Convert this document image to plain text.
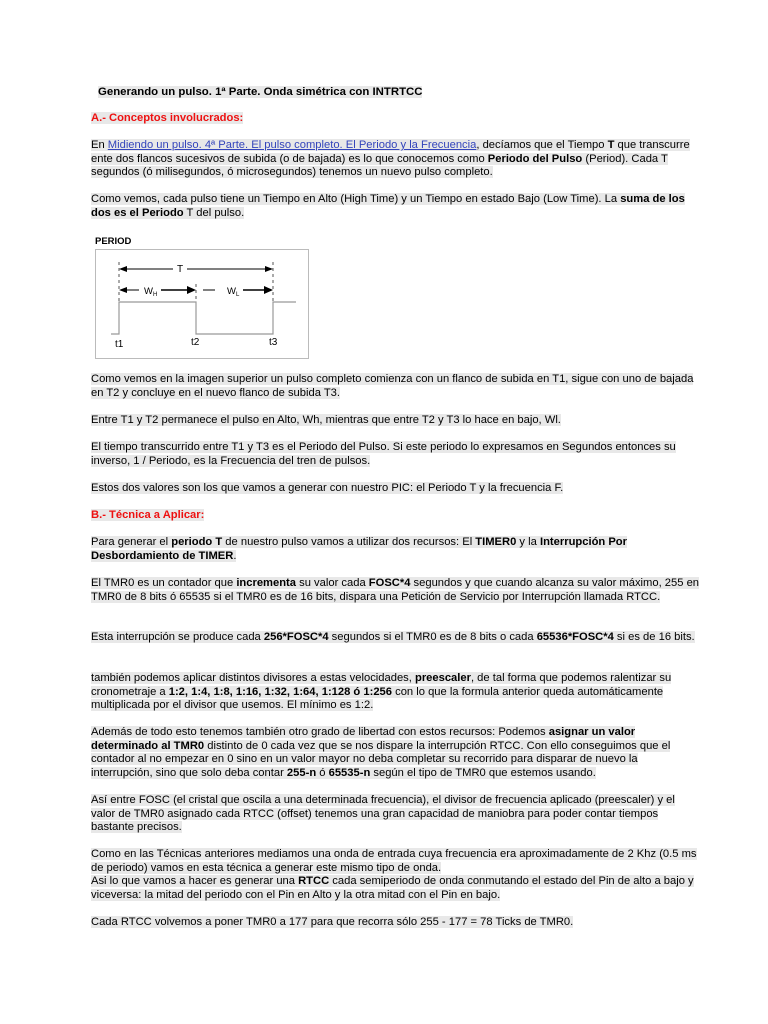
Generando un pulso. 1ª Parte. Onda simétrica con INTRTCC
A.- Conceptos involucrados:

En Midiendo un pulso. 4ª Parte. El pulso completo. El Periodo y la Frecuencia, decíamos que el Tiempo T que transcurre ente dos flancos sucesivos de subida (o de bajada) es lo que conocemos como Periodo del Pulso (Period). Cada T segundos (ó milisegundos, ó microsegundos) tenemos un nuevo pulso completo.

Como vemos, cada pulso tiene un Tiempo en Alto (High Time) y un Tiempo en estado Bajo (Low Time). La suma de los dos es el Periodo T del pulso.

PERIOD
T
$W_H$	$W_L$
t1	t2	t3

Como vemos en la imagen superior un pulso completo comienza con un flanco de subida en T1, sigue con uno de bajada en T2 y concluye en el nuevo flanco de subida T3.

Entre T1 y T2 permanece el pulso en Alto, Wh, mientras que entre T2 y T3 lo hace en bajo, Wl.

El tiempo transcurrido entre T1 y T3 es el Periodo del Pulso. Si este periodo lo expresamos en Segundos entonces su inverso, 1 / Periodo, es la Frecuencia del tren de pulsos.

Estos dos valores son los que vamos a generar con nuestro PIC: el Periodo T y la frecuencia F.

B.- Técnica a Aplicar:

Para generar el periodo T de nuestro pulso vamos a utilizar dos recursos: El TIMER0 y la Interrupción Por Desbordamiento de TIMER.

El TMR0 es un contador que incrementa su valor cada FOSC*4 segundos y que cuando alcanza su valor máximo, 255 en TMR0 de 8 bits ó 65535 si el TMR0 es de 16 bits, dispara una Petición de Servicio por Interrupción llamada RTCC.

Esta interrupción se produce cada 256*FOSC*4 segundos si el TMR0 es de 8 bits o cada 65536*FOSC*4 si es de 16 bits.

también podemos aplicar distintos divisores a estas velocidades, preescaler, de tal forma que podemos ralentizar su cronometraje a 1:2, 1:4, 1:8, 1:16, 1:32, 1:64, 1:128 ó 1:256 con lo que la formula anterior queda automáticamente multiplicada por el divisor que usemos. El mínimo es 1:2.

Además de todo esto tenemos también otro grado de libertad con estos recursos: Podemos asignar un valor determinado al TMR0 distinto de 0 cada vez que se nos dispare la interrupción RTCC. Con ello conseguimos que el contador al no empezar en 0 sino en un valor mayor no deba completar su recorrido para disparar de nuevo la interrupción, sino que solo deba contar 255-n ó 65535-n según el tipo de TMR0 que estemos usando.

Así entre FOSC (el cristal que oscila a una determinada frecuencia), el divisor de frecuencia aplicado (preescaler) y el valor de TMR0 asignado cada RTCC (offset) tenemos una gran capacidad de maniobra para poder contar tiempos bastante precisos.

Como en las Técnicas anteriores mediamos una onda de entrada cuya frecuencia era aproximadamente de 2 Khz (0.5 ms de periodo) vamos en esta técnica a generar este mismo tipo de onda.

Asi lo que vamos a hacer es generar una RTCC cada semiperiodo de onda conmutando el estado del Pin de alto a bajo y viceversa: la mitad del periodo con el Pin en Alto y la otra mitad con el Pin en bajo.

Cada RTCC volvemos a poner TMR0 a 177 para que recorra sólo 255 - 177 = 78 Ticks de TMR0.
